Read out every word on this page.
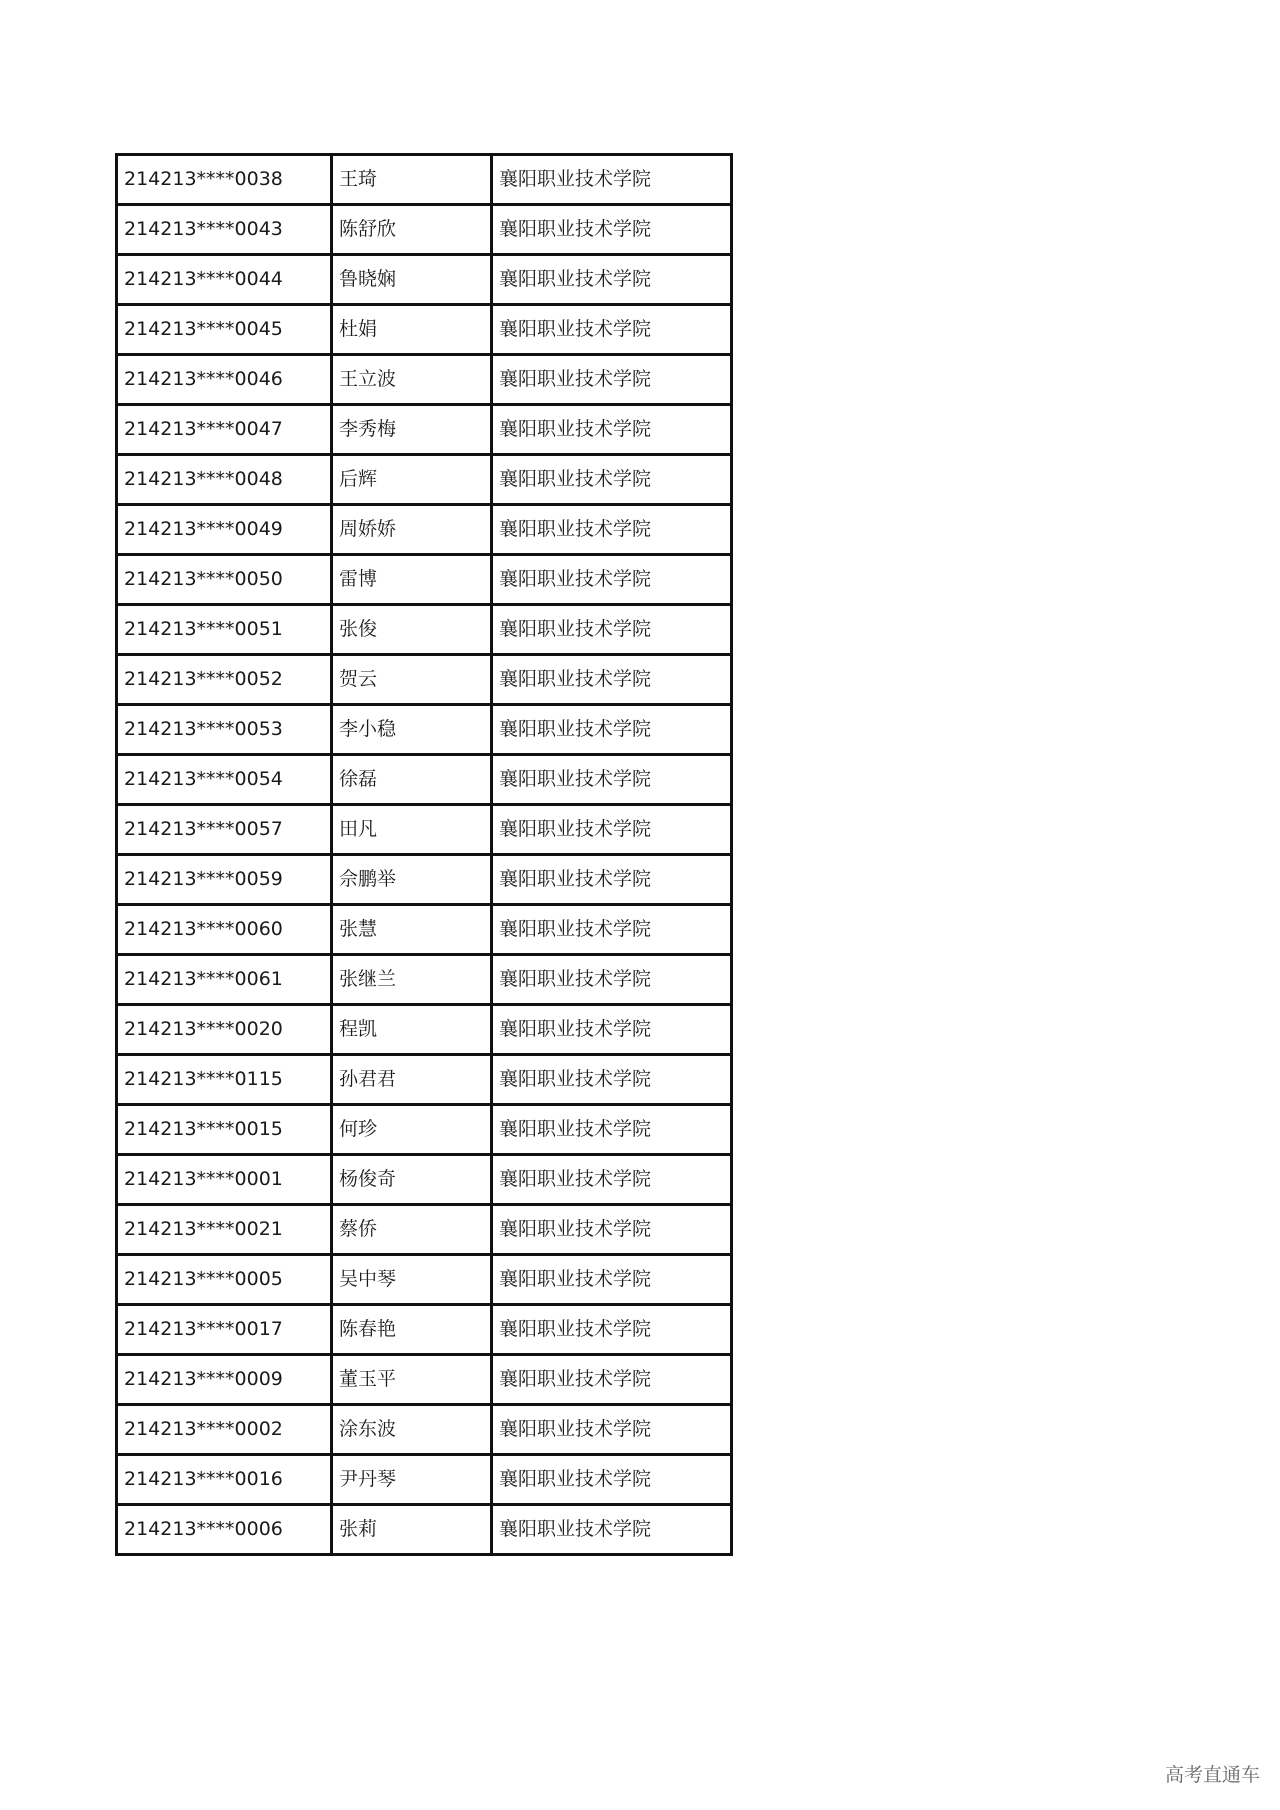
214213****0038	王琦	襄阳职业技术学院
214213****0043	陈舒欣	襄阳职业技术学院
214213****0044	鲁晓娴	襄阳职业技术学院
214213****0045	杜娟	襄阳职业技术学院
214213****0046	王立波	襄阳职业技术学院
214213****0047	李秀梅	襄阳职业技术学院
214213****0048	后辉	襄阳职业技术学院
214213****0049	周娇娇	襄阳职业技术学院
214213****0050	雷博	襄阳职业技术学院
214213****0051	张俊	襄阳职业技术学院
214213****0052	贺云	襄阳职业技术学院
214213****0053	李小稳	襄阳职业技术学院
214213****0054	徐磊	襄阳职业技术学院
214213****0057	田凡	襄阳职业技术学院
214213****0059	佘鹏举	襄阳职业技术学院
214213****0060	张慧	襄阳职业技术学院
214213****0061	张继兰	襄阳职业技术学院
214213****0020	程凯	襄阳职业技术学院
214213****0115	孙君君	襄阳职业技术学院
214213****0015	何珍	襄阳职业技术学院
214213****0001	杨俊奇	襄阳职业技术学院
214213****0021	蔡侨	襄阳职业技术学院
214213****0005	吴中琴	襄阳职业技术学院
214213****0017	陈春艳	襄阳职业技术学院
214213****0009	董玉平	襄阳职业技术学院
214213****0002	涂东波	襄阳职业技术学院
214213****0016	尹丹琴	襄阳职业技术学院
214213****0006	张莉	襄阳职业技术学院
高考直通车
